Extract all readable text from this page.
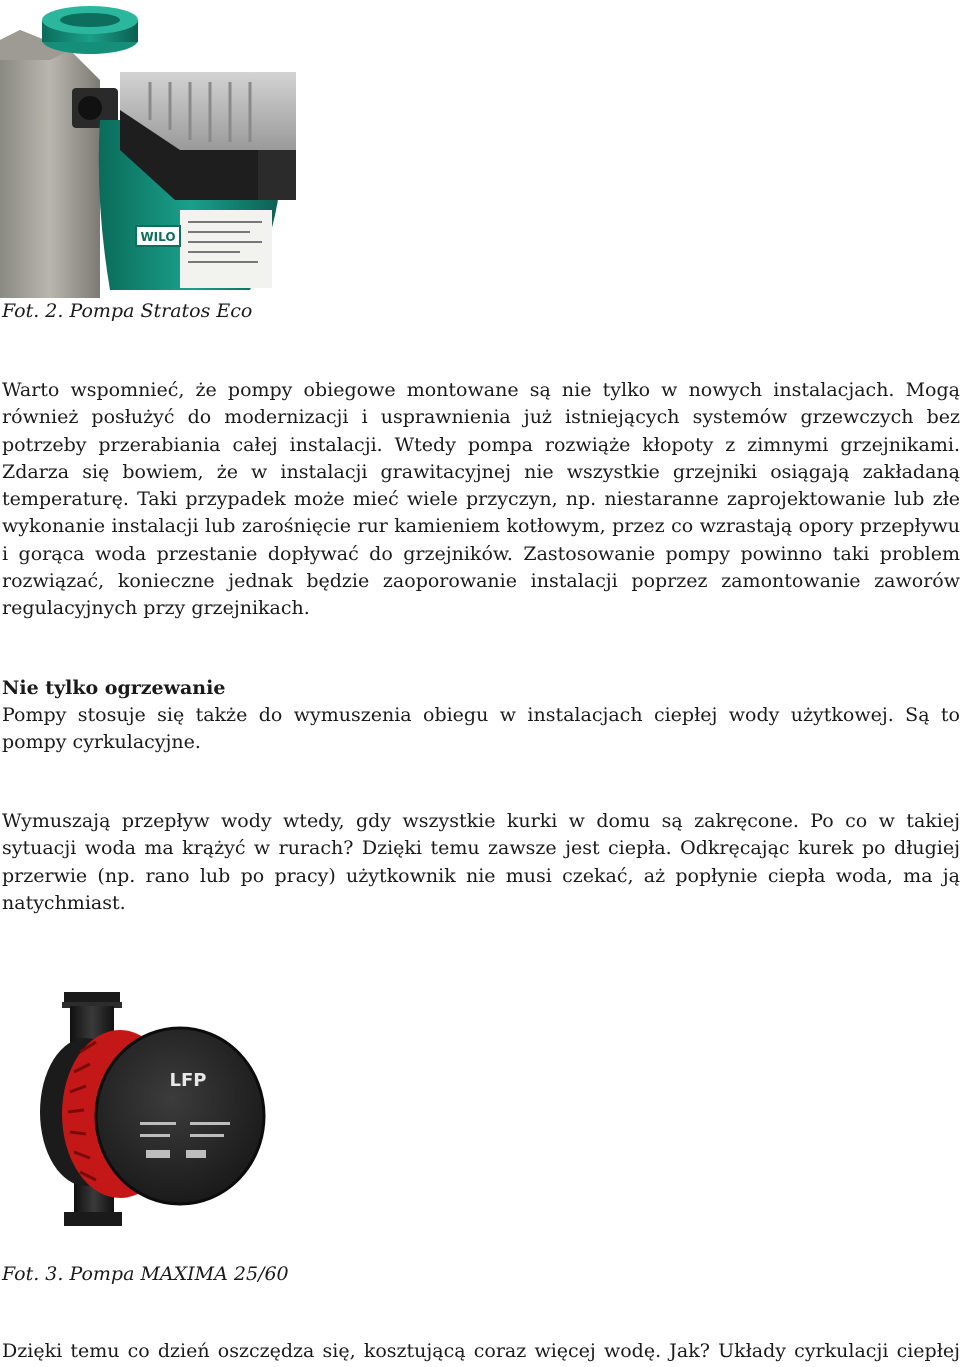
WILO
Fot. 2. Pompa Stratos Eco

Warto wspomnieć, że pompy obiegowe montowane są nie tylko w nowych instalacjach. Mogą również posłużyć do modernizacji i usprawnienia już istniejących systemów grzewczych bez potrzeby przerabiania całej instalacji. Wtedy pompa rozwiąże kłopoty z zimnymi grzejnikami. Zdarza się bowiem, że w instalacji grawitacyjnej nie wszystkie grzejniki osiągają zakładaną temperaturę. Taki przypadek może mieć wiele przyczyn, np. niestaranne zaprojektowanie lub złe wykonanie instalacji lub zarośnięcie rur kamieniem kotłowym, przez co wzrastają opory przepływu i gorąca woda przestanie dopływać do grzejników. Zastosowanie pompy powinno taki problem rozwiązać, konieczne jednak będzie zaoporowanie instalacji poprzez zamontowanie zaworów regulacyjnych przy grzejnikach.

Nie tylko ogrzewanie

Pompy stosuje się także do wymuszenia obiegu w instalacjach ciepłej wody użytkowej. Są to pompy cyrkulacyjne.

Wymuszają przepływ wody wtedy, gdy wszystkie kurki w domu są zakręcone. Po co w takiej sytuacji woda ma krążyć w rurach? Dzięki temu zawsze jest ciepła. Odkręcając kurek po długiej przerwie (np. rano lub po pracy) użytkownik nie musi czekać, aż popłynie ciepła woda, ma ją natychmiast.

LFP
Fot. 3. Pompa MAXIMA 25/60

Dzięki temu co dzień oszczędza się, kosztującą coraz więcej wodę. Jak? Układy cyrkulacji ciepłej
